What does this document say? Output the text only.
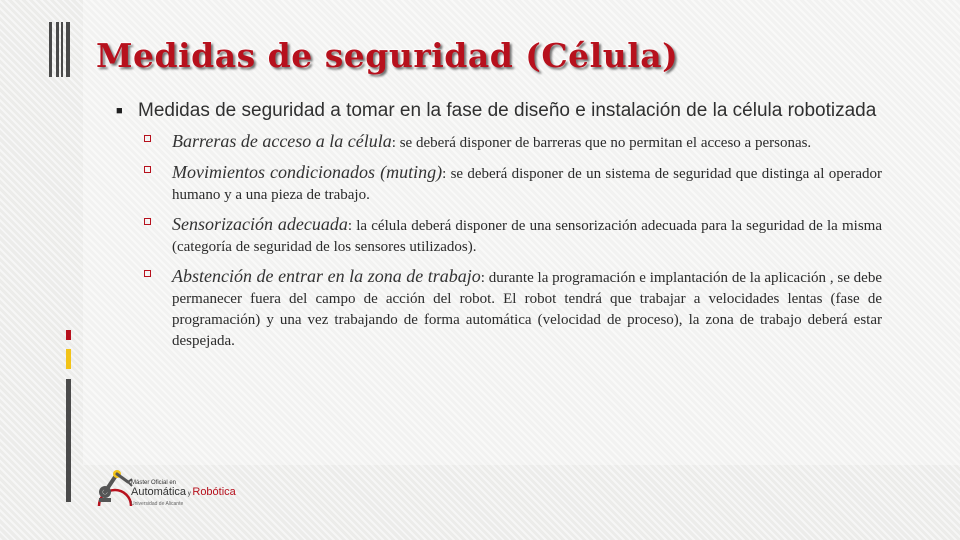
Medidas de seguridad (Célula)
■ Medidas de seguridad a tomar en la fase de diseño e instalación de la célula robotizada
Barreras de acceso a la célula: se deberá disponer de barreras que no permitan el acceso a personas.
Movimientos condicionados (muting): se deberá disponer de un sistema de seguridad que distinga al operador humano y a una pieza de trabajo.
Sensorización adecuada: la célula deberá disponer de una sensorización adecuada para la seguridad de la misma (categoría de seguridad de los sensores utilizados).
Abstención de entrar en la zona de trabajo: durante la programación e implantación de la aplicación , se debe permanecer fuera del campo de acción del robot. El robot tendrá que trabajar a velocidades lentas (fase de programación) y una vez trabajando de forma automática (velocidad de proceso), la zona de trabajo deberá estar despejada.
Máster Oficial en
Automática y Robótica
Universidad de Alicante
